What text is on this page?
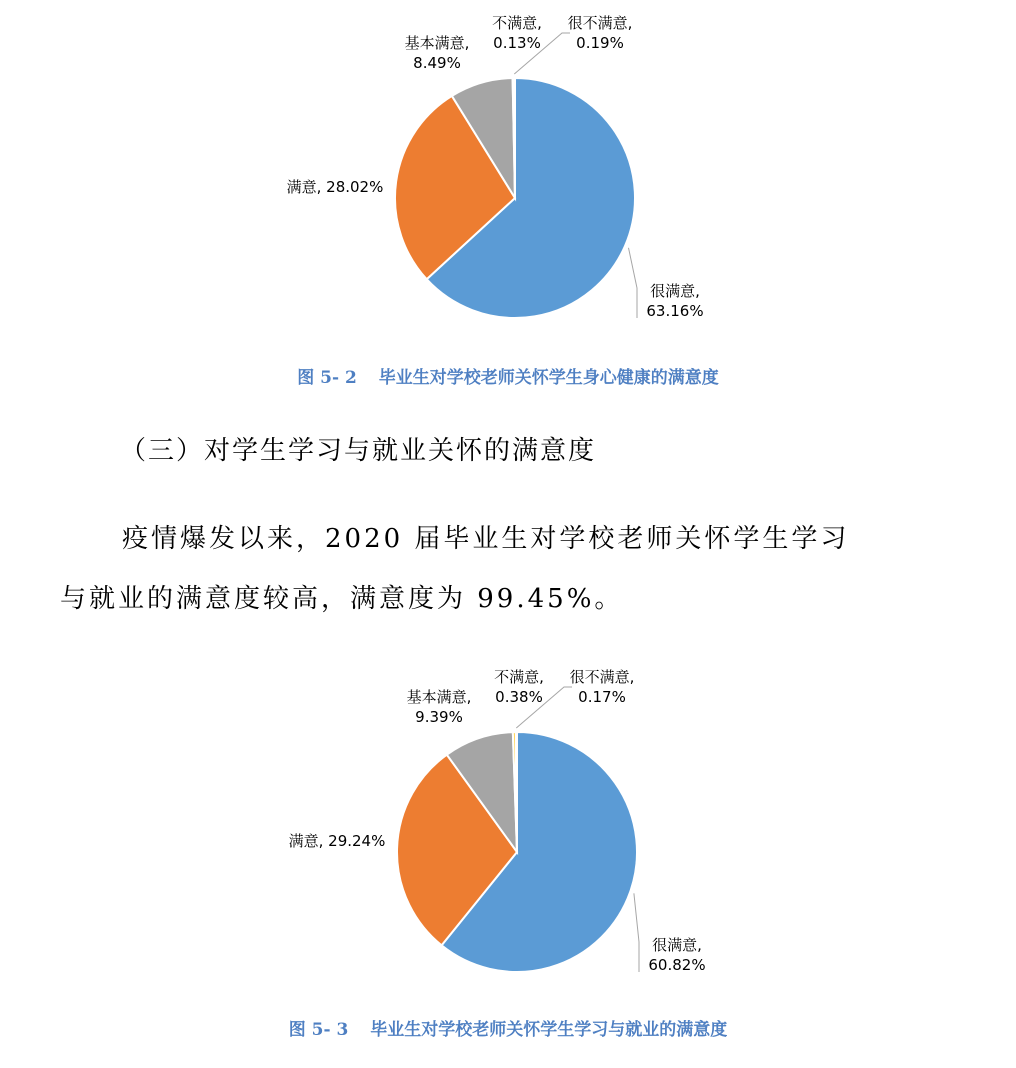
很满意, 63.16%
满意, 28.02%
基本满意, 8.49%
不满意, 0.13%
很不满意, 0.19%
图 5- 2 毕业生对学校老师关怀学生身心健康的满意度
（三）对学生学习与就业关怀的满意度
疫情爆发以来，2020 届毕业生对学校老师关怀学生学习
与就业的满意度较高，满意度为 99.45%。
很满意, 60.82%
满意, 29.24%
基本满意, 9.39%
不满意, 0.38%
很不满意, 0.17%
图 5- 3 毕业生对学校老师关怀学生学习与就业的满意度
